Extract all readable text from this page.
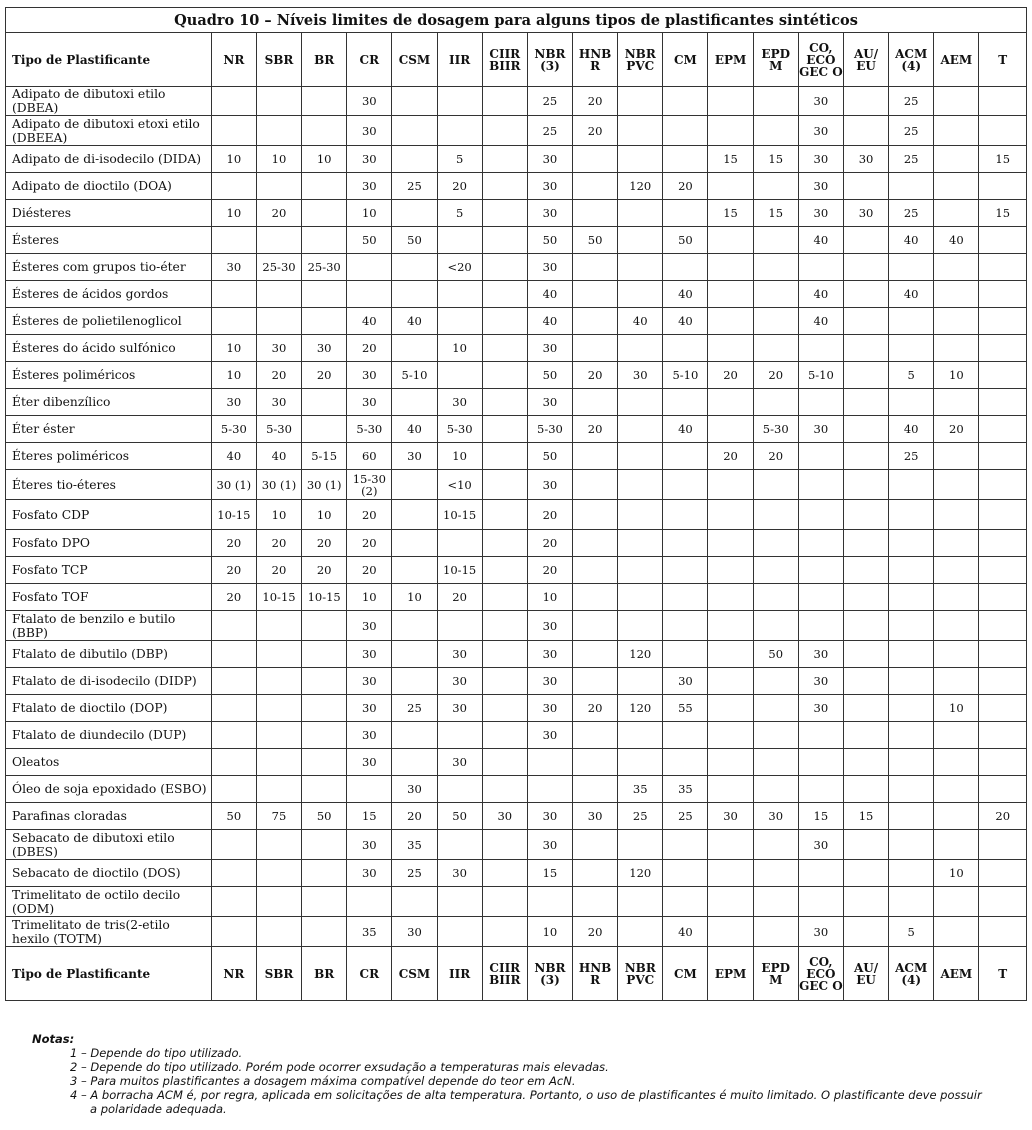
Quadro 10 – Níveis limites de dosagem para alguns tipos de plastificantes sintéticos																		
Tipo de Plastificante	NR	SBR	BR	CR	CSM	IIR	CIIR BIIR	NBR (3)	HNB R	NBR PVC	CM	EPM	EPD M	CO, ECO GEC O	AU/ EU	ACM (4)	AEM	T
Adipato de dibutoxi etilo (DBEA)				30				25	20					30		25		
Adipato de dibutoxi etoxi etilo (DBEEA)				30				25	20					30		25		
Adipato de di-isodecilo (DIDA)	10	10	10	30		5		30				15	15	30	30	25		15
Adipato de dioctilo (DOA)				30	25	20		30		120	20			30				
Diésteres	10	20		10		5		30				15	15	30	30	25		15
Ésteres				50	50			50	50		50			40		40	40	
Ésteres com grupos tio-éter	30	25-30	25-30			<20		30										
Ésteres de ácidos gordos								40			40			40		40		
Ésteres de polietilenoglicol				40	40			40		40	40			40				
Ésteres do ácido sulfónico	10	30	30	20		10		30										
Ésteres poliméricos	10	20	20	30	5-10			50	20	30	5-10	20	20	5-10		5	10	
Éter dibenzílico	30	30		30		30		30										
Éter éster	5-30	5-30		5-30	40	5-30		5-30	20		40		5-30	30		40	20	
Éteres poliméricos	40	40	5-15	60	30	10		50				20	20			25		
Éteres tio-éteres	30 (1)	30 (1)	30 (1)	15-30 (2)		<10		30										
Fosfato CDP	10-15	10	10	20		10-15		20										
Fosfato DPO	20	20	20	20				20										
Fosfato TCP	20	20	20	20		10-15		20										
Fosfato TOF	20	10-15	10-15	10	10	20		10										
Ftalato de benzilo e butilo (BBP)				30				30										
Ftalato de dibutilo (DBP)				30		30		30		120			50	30				
Ftalato de di-isodecilo (DIDP)				30		30		30			30			30				
Ftalato de dioctilo (DOP)				30	25	30		30	20	120	55			30			10	
Ftalato de diundecilo (DUP)				30				30										
Oleatos				30		30												
Óleo de soja epoxidado (ESBO)					30					35	35							
Parafinas cloradas	50	75	50	15	20	50	30	30	30	25	25	30	30	15	15			20
Sebacato de dibutoxi etilo (DBES)				30	35			30						30				
Sebacato de dioctilo (DOS)				30	25	30		15		120							10	
Trimelitato de octilo decilo (ODM)																		
Trimelitato de tris(2-etilo hexilo (TOTM)				35	30			10	20		40			30		5		
Tipo de Plastificante	NR	SBR	BR	CR	CSM	IIR	CIIR BIIR	NBR (3)	HNB R	NBR PVC	CM	EPM	EPD M	CO, ECO GEC O	AU/ EU	ACM (4)	AEM	T
Notas:
1 – Depende do tipo utilizado.
2 – Depende do tipo utilizado. Porém pode ocorrer exsudação a temperaturas mais elevadas.
3 – Para muitos plastificantes a dosagem máxima compatível depende do teor em AcN.
4 – A borracha ACM é, por regra, aplicada em solicitações de alta temperatura. Portanto, o uso de plastificantes é muito limitado. O plastificante deve possuir
a polaridade adequada.
